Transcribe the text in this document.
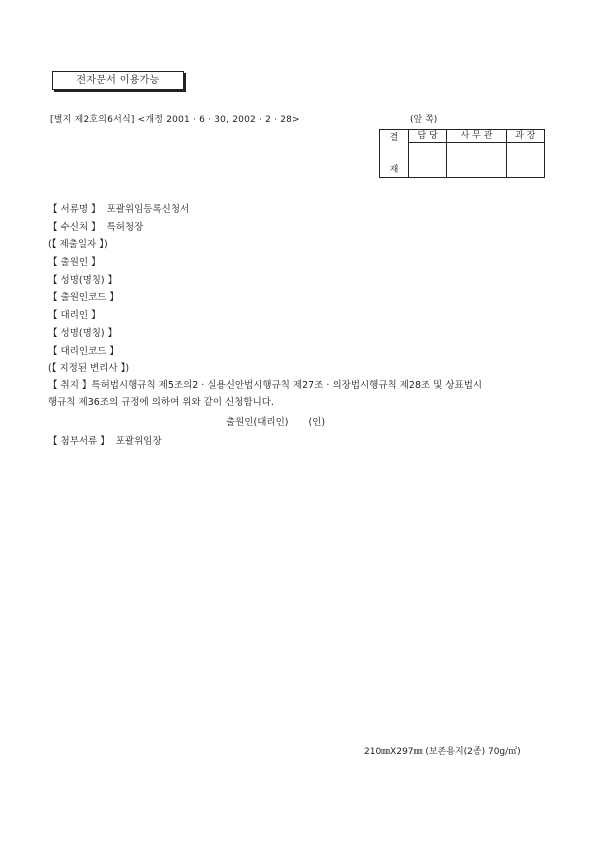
전자문서 이용가능
[별지 제2호의6서식] <개정 2001 · 6 · 30, 2002 · 2 · 28>	(앞 쪽)
결
재	담 당	사 무 관	과 장

【 서류명 】 포괄위임등록신청서
【 수신처 】 특허청장
(【 제출일자 】)
【 출원인 】
【 성명(명칭) 】
【 출원인코드 】
【 대리인 】
【 성명(명칭) 】
【 대리인코드 】
(【 지정된 변리사 】)
【 취지 】특허법시행규칙 제5조의2 · 실용신안법시행규칙 제27조 · 의장법시행규칙 제28조 및 상표법시
행규칙 제36조의 규정에 의하여 위와 같이 신청합니다.
출원인(대리인) (인)
【 첨부서류 】 포괄위임장
210㎜X297㎜ (보존용지(2종) 70g/㎡)
